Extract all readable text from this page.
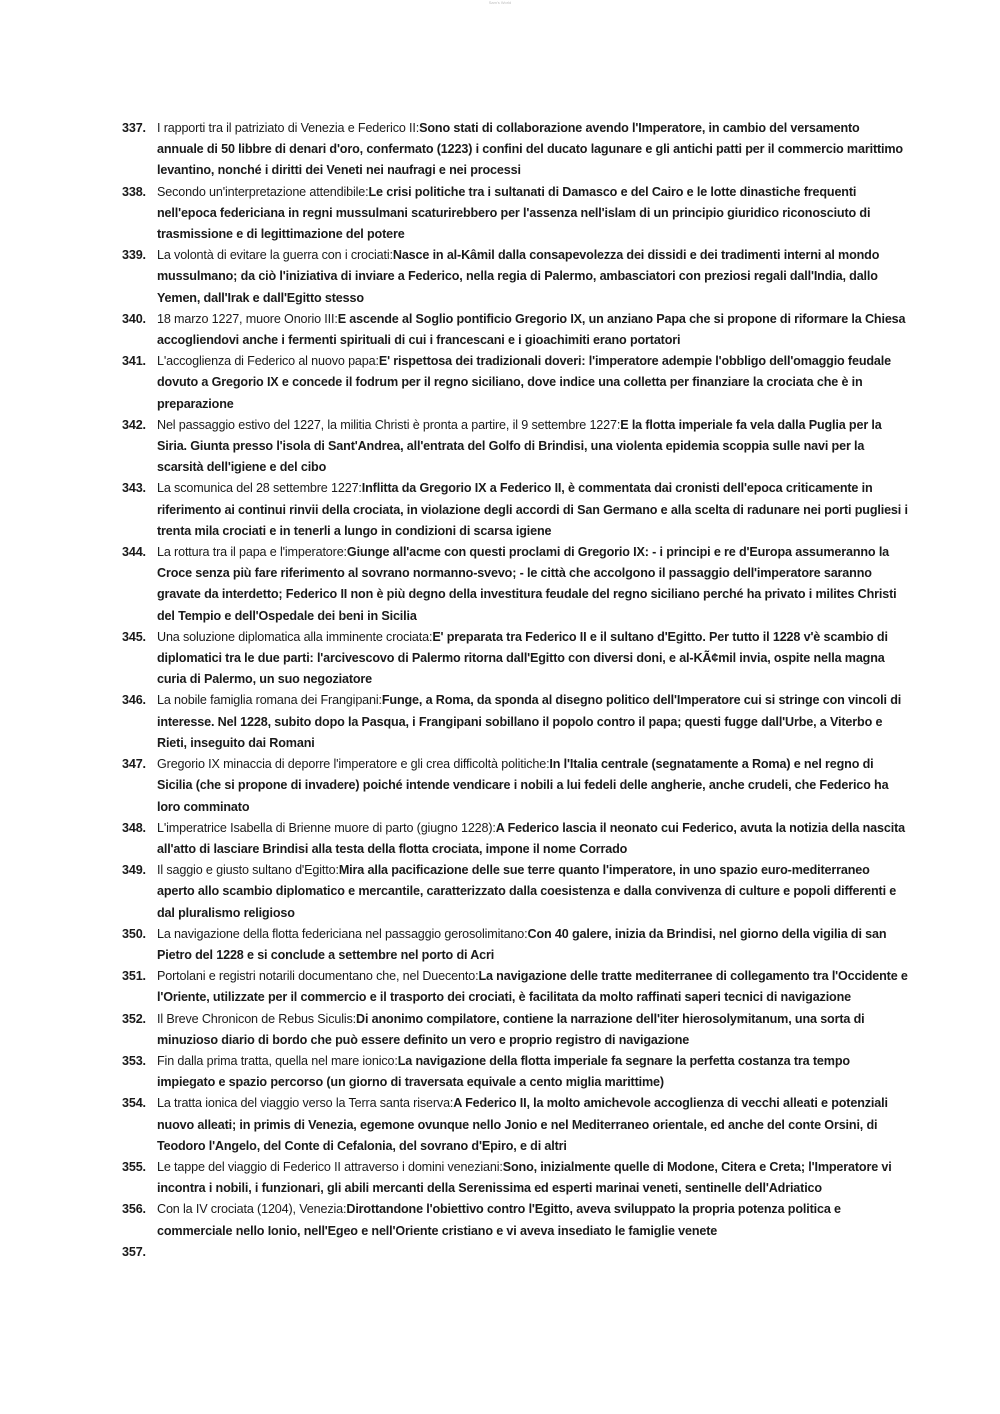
Sam's World
337. I rapporti tra il patriziato di Venezia e Federico II:Sono stati di collaborazione avendo l'Imperatore, in cambio del versamento annuale di 50 libbre di denari d'oro, confermato (1223) i confini del ducato lagunare e gli antichi patti per il commercio marittimo levantino, nonché i diritti dei Veneti nei naufragi e nei processi
338. Secondo un'interpretazione attendibile:Le crisi politiche tra i sultanati di Damasco e del Cairo e le lotte dinastiche frequenti nell'epoca federiciana in regni mussulmani scaturirebbero per l'assenza nell'islam di un principio giuridico riconosciuto di trasmissione e di legittimazione del potere
339. La volontà di evitare la guerra con i crociati:Nasce in al-Kâmil dalla consapevolezza dei dissidi e dei tradimenti interni al mondo mussulmano; da ciò l'iniziativa di inviare a Federico, nella regia di Palermo, ambasciatori con preziosi regali dall'India, dallo Yemen, dall'Irak e dall'Egitto stesso
340. 18 marzo 1227, muore Onorio III:E ascende al Soglio pontificio Gregorio IX, un anziano Papa che si propone di riformare la Chiesa accogliendovi anche i fermenti spirituali di cui i francescani e i gioachimiti erano portatori
341. L'accoglienza di Federico al nuovo papa:E' rispettosa dei tradizionali doveri: l'imperatore adempie l'obbligo dell'omaggio feudale dovuto a Gregorio IX e concede il fodrum per il regno siciliano, dove indice una colletta per finanziare la crociata che è in preparazione
342. Nel passaggio estivo del 1227, la militia Christi è pronta a partire, il 9 settembre 1227:E la flotta imperiale fa vela dalla Puglia per la Siria. Giunta presso l'isola di Sant'Andrea, all'entrata del Golfo di Brindisi, una violenta epidemia scoppia sulle navi per la scarsità dell'igiene e del cibo
343. La scomunica del 28 settembre 1227:Inflitta da Gregorio IX a Federico II, è commentata dai cronisti dell'epoca criticamente in riferimento ai continui rinvii della crociata, in violazione degli accordi di San Germano e alla scelta di radunare nei porti pugliesi i trenta mila crociati e in tenerli a lungo in condizioni di scarsa igiene
344. La rottura tra il papa e l'imperatore:Giunge all'acme con questi proclami di Gregorio IX: - i principi e re d'Europa assumeranno la Croce senza più fare riferimento al sovrano normanno-svevo; - le città che accolgono il passaggio dell'imperatore saranno gravate da interdetto; Federico II non è più degno della investitura feudale del regno siciliano perché ha privato i milites Christi del Tempio e dell'Ospedale dei beni in Sicilia
345. Una soluzione diplomatica alla imminente crociata:E' preparata tra Federico II e il sultano d'Egitto. Per tutto il 1228 v'è scambio di diplomatici tra le due parti: l'arcivescovo di Palermo ritorna dall'Egitto con diversi doni, e al-KÃ¢mil invia, ospite nella magna curia di Palermo, un suo negoziatore
346. La nobile famiglia romana dei Frangipani:Funge, a Roma, da sponda al disegno politico dell'Imperatore cui si stringe con vincoli di interesse. Nel 1228, subito dopo la Pasqua, i Frangipani sobillano il popolo contro il papa; questi fugge dall'Urbe, a Viterbo e Rieti, inseguito dai Romani
347. Gregorio IX minaccia di deporre l'imperatore e gli crea difficoltà politiche:In l'Italia centrale (segnatamente a Roma) e nel regno di Sicilia (che si propone di invadere) poiché intende vendicare i nobili a lui fedeli delle angherie, anche crudeli, che Federico ha loro comminato
348. L'imperatrice Isabella di Brienne muore di parto (giugno 1228):A Federico lascia il neonato cui Federico, avuta la notizia della nascita all'atto di lasciare Brindisi alla testa della flotta crociata, impone il nome Corrado
349. Il saggio e giusto sultano d'Egitto:Mira alla pacificazione delle sue terre quanto l'imperatore, in uno spazio euro-mediterraneo aperto allo scambio diplomatico e mercantile, caratterizzato dalla coesistenza e dalla convivenza di culture e popoli differenti e dal pluralismo religioso
350. La navigazione della flotta federiciana nel passaggio gerosolimitano:Con 40 galere, inizia da Brindisi, nel giorno della vigilia di san Pietro del 1228 e si conclude a settembre nel porto di Acri
351. Portolani e registri notarili documentano che, nel Duecento:La navigazione delle tratte mediterranee di collegamento tra l'Occidente e l'Oriente, utilizzate per il commercio e il trasporto dei crociati, è facilitata da molto raffinati saperi tecnici di navigazione
352. Il Breve Chronicon de Rebus Siculis:Di anonimo compilatore, contiene la narrazione dell'iter hierosolymitanum, una sorta di minuzioso diario di bordo che può essere definito un vero e proprio registro di navigazione
353. Fin dalla prima tratta, quella nel mare ionico:La navigazione della flotta imperiale fa segnare la perfetta costanza tra tempo impiegato e spazio percorso (un giorno di traversata equivale a cento miglia marittime)
354. La tratta ionica del viaggio verso la Terra santa riserva:A Federico II, la molto amichevole accoglienza di vecchi alleati e potenziali nuovo alleati; in primis di Venezia, egemone ovunque nello Jonio e nel Mediterraneo orientale, ed anche del conte Orsini, di Teodoro l'Angelo, del Conte di Cefalonia, del sovrano d'Epiro, e di altri
355. Le tappe del viaggio di Federico II attraverso i domini veneziani:Sono, inizialmente quelle di Modone, Citera e Creta; l'Imperatore vi incontra i nobili, i funzionari, gli abili mercanti della Serenissima ed esperti marinai veneti, sentinelle dell'Adriatico
356. Con la IV crociata (1204), Venezia:Dirottandone l'obiettivo contro l'Egitto, aveva sviluppato la propria potenza politica e commerciale nello Ionio, nell'Egeo e nell'Oriente cristiano e vi aveva insediato le famiglie venete
357.
